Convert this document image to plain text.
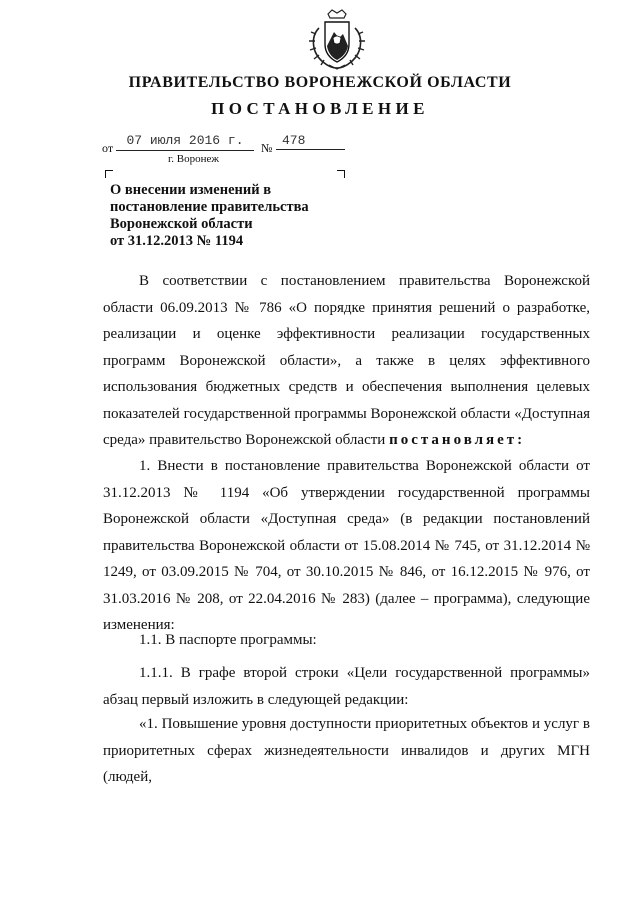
ПРАВИТЕЛЬСТВО ВОРОНЕЖСКОЙ ОБЛАСТИ
ПОСТАНОВЛЕНИЕ
от	07 июля 2016 г.	№ 478
г. Воронеж
О внесении изменений в
постановление правительства
Воронежской области
от 31.12.2013 № 1194

В соответствии с постановлением правительства Воронежской области 06.09.2013 № 786 «О порядке принятия решений о разработке, реализации и оценке эффективности реализации государственных программ Воронежской области», а также в целях эффективного использования бюджетных средств и обеспечения выполнения целевых показателей государственной программы Воронежской области «Доступная среда» правительство Воронежской области постановляет:

1. Внести в постановление правительства Воронежской области от 31.12.2013 № 1194 «Об утверждении государственной программы Воронежской области «Доступная среда» (в редакции постановлений правительства Воронежской области от 15.08.2014 № 745, от 31.12.2014 № 1249, от 03.09.2015 № 704, от 30.10.2015 № 846, от 16.12.2015 № 976, от 31.03.2016 № 208, от 22.04.2016 № 283) (далее – программа), следующие изменения:

1.1. В паспорте программы:

1.1.1. В графе второй строки «Цели государственной программы» абзац первый изложить в следующей редакции:

«1. Повышение уровня доступности приоритетных объектов и услуг в приоритетных сферах жизнедеятельности инвалидов и других МГН (людей,
